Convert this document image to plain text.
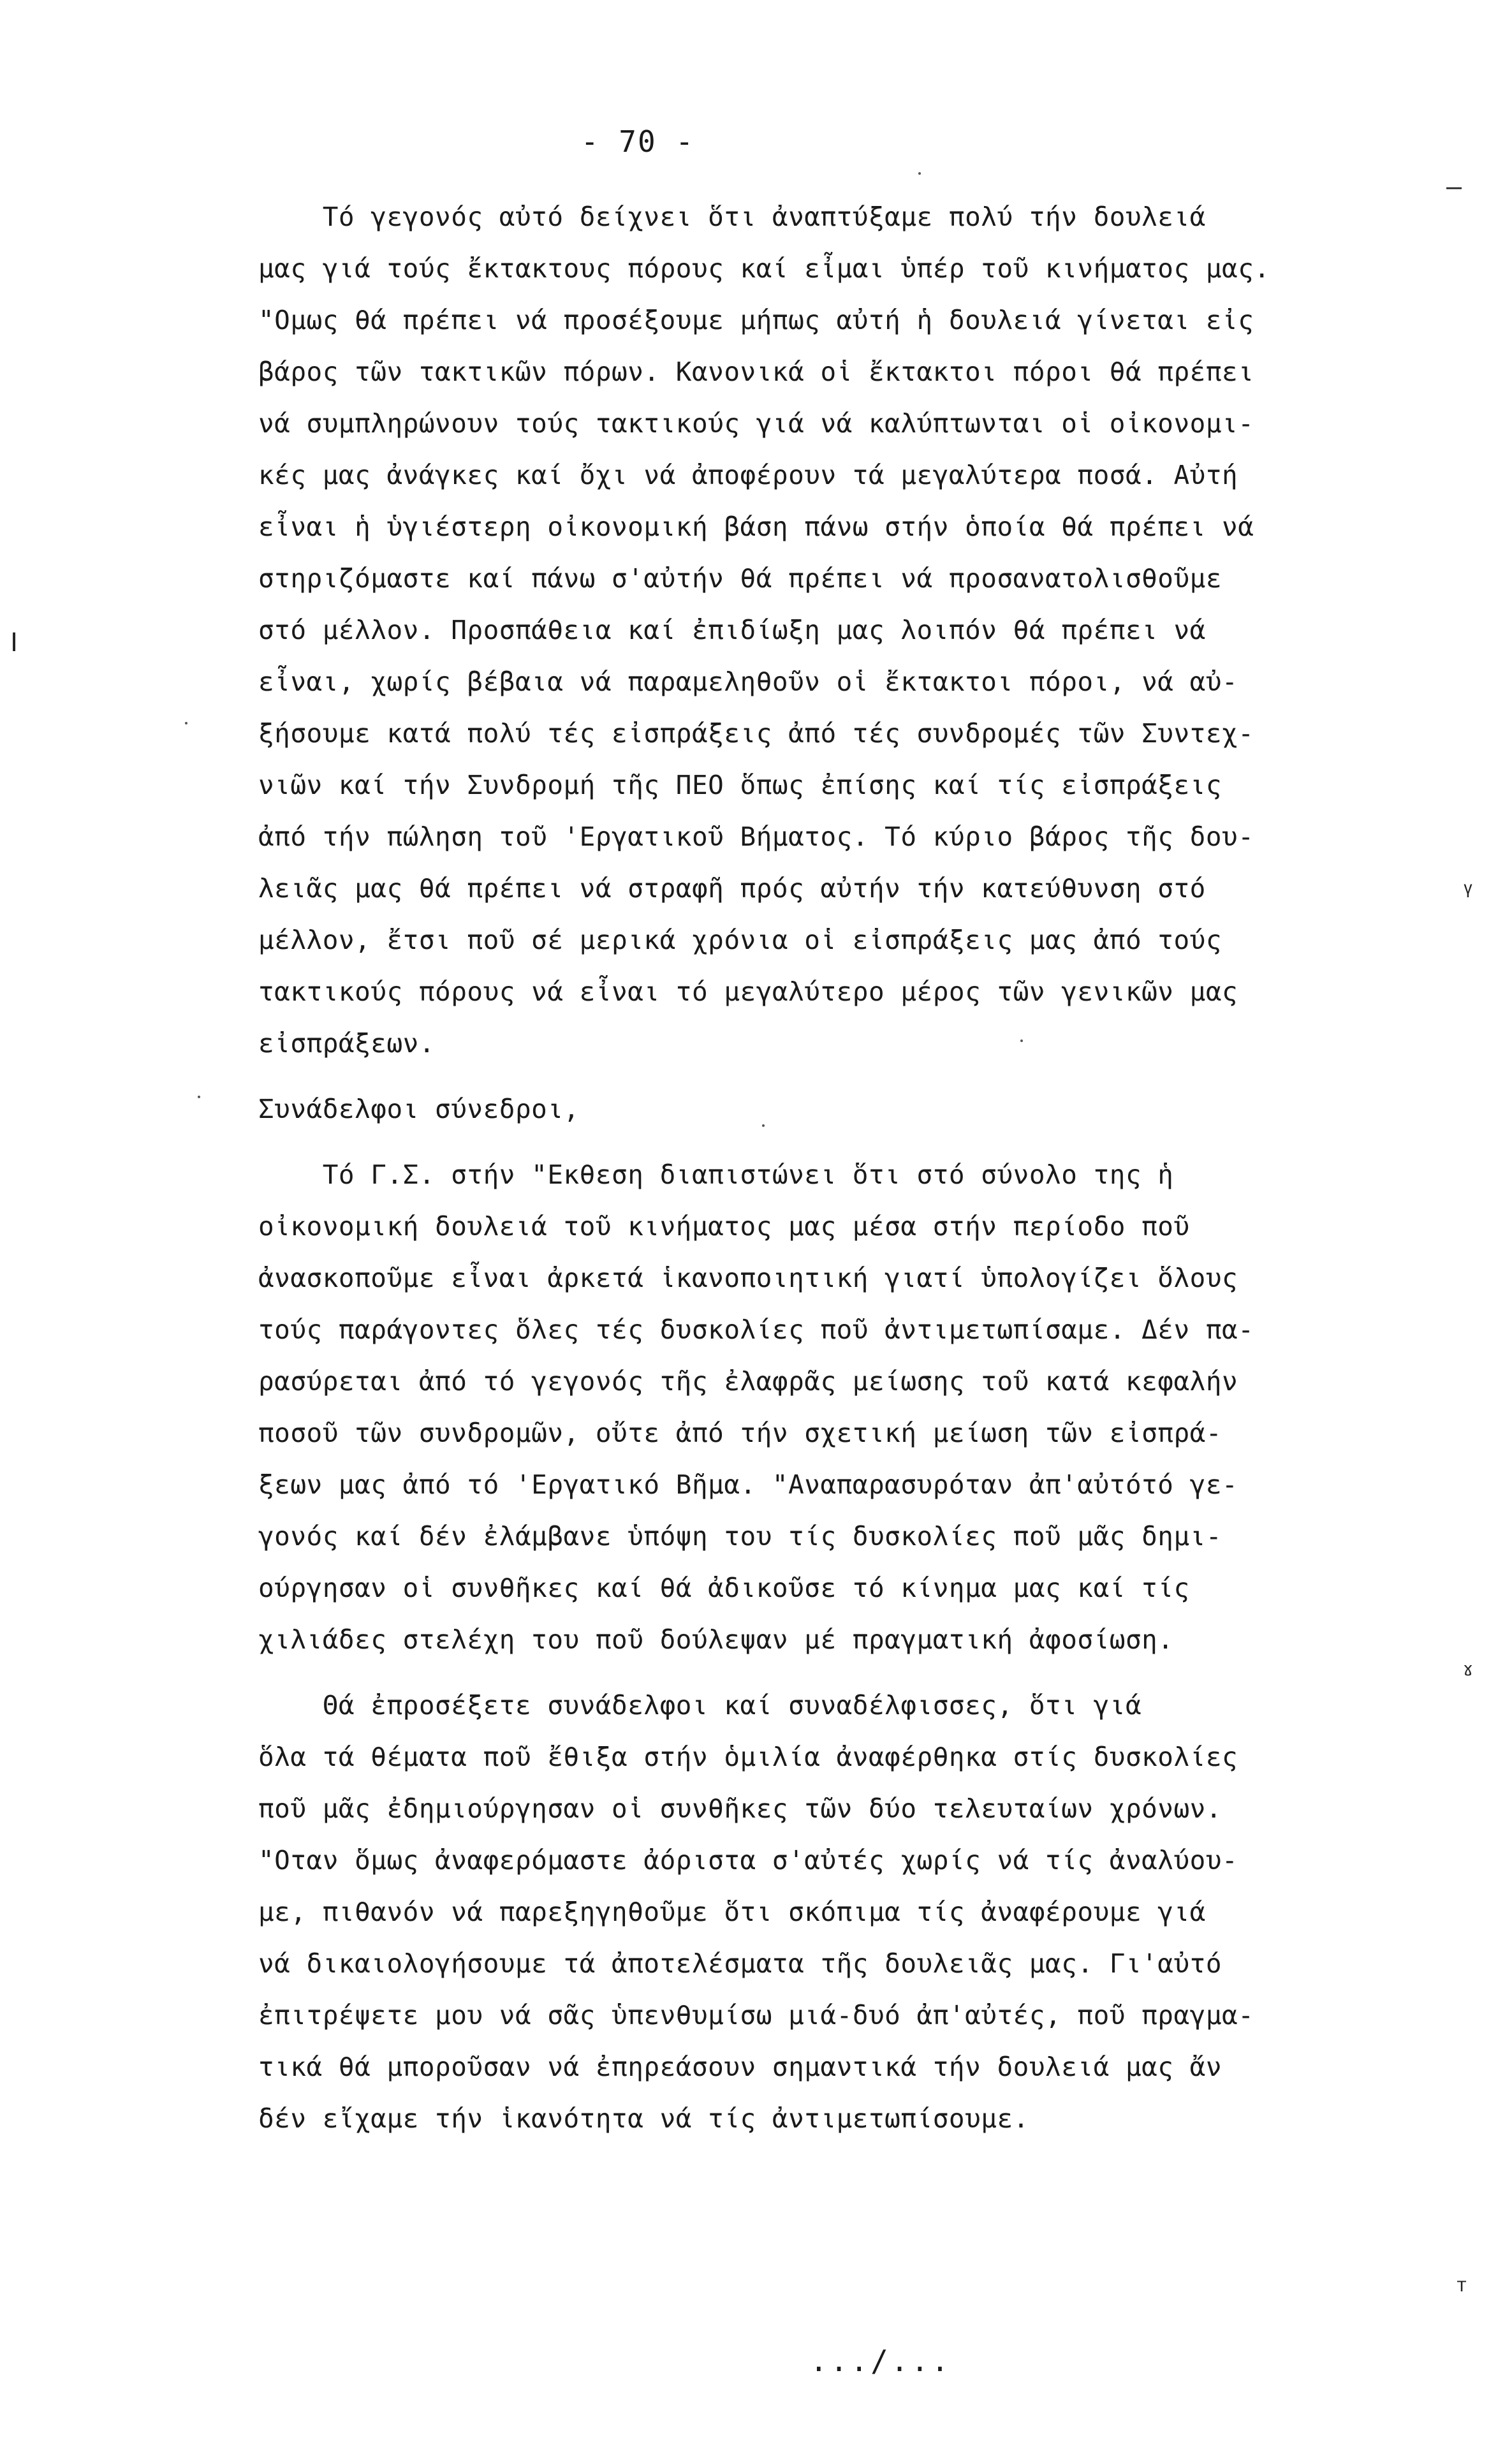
- 70 -
Τό γεγονός αὐτό δείχνει ὅτι ἀναπτύξαμε πολύ τήν δουλειά
μας γιά τούς ἔκτακτους πόρους καί εἶμαι ὑπέρ τοῦ κινήματος μας.
"Ομως θά πρέπει νά προσέξουμε μήπως αὐτή ἡ δουλειά γίνεται εἰς
βάρος τῶν τακτικῶν πόρων. Κανονικά οἱ ἔκτακτοι πόροι θά πρέπει
νά συμπληρώνουν τούς τακτικούς γιά νά καλύπτωνται οἱ οἰκονομι-
κές μας ἀνάγκες καί ὄχι νά ἀποφέρουν τά μεγαλύτερα ποσά. Αὐτή
εἶναι ἡ ὑγιέστερη οἰκονομική βάση πάνω στήν ὁποία θά πρέπει νά
στηριζόμαστε καί πάνω σ'αὐτήν θά πρέπει νά προσανατολισθοῦμε
στό μέλλον. Προσπάθεια καί ἐπιδίωξη μας λοιπόν θά πρέπει νά
εἶναι, χωρίς βέβαια νά παραμεληθοῦν οἱ ἔκτακτοι πόροι, νά αὐ-
ξήσουμε κατά πολύ τές εἰσπράξεις ἀπό τές συνδρομές τῶν Συντεχ-
νιῶν καί τήν Συνδρομή τῆς ΠΕΟ ὅπως ἐπίσης καί τίς εἰσπράξεις
ἀπό τήν πώληση τοῦ 'Εργατικοῦ Βήματος. Τό κύριο βάρος τῆς δου-
λειᾶς μας θά πρέπει νά στραφῆ πρός αὐτήν τήν κατεύθυνση στό
μέλλον, ἔτσι ποῦ σέ μερικά χρόνια οἱ εἰσπράξεις μας ἀπό τούς
τακτικούς πόρους νά εἶναι τό μεγαλύτερο μέρος τῶν γενικῶν μας
εἰσπράξεων.
Συνάδελφοι σύνεδροι,
Τό Γ.Σ. στήν "Εκθεση διαπιστώνει ὅτι στό σύνολο της ἡ
οἰκονομική δουλειά τοῦ κινήματος μας μέσα στήν περίοδο ποῦ
ἀνασκοποῦμε εἶναι ἀρκετά ἱκανοποιητική γιατί ὑπολογίζει ὅλους
τούς παράγοντες ὅλες τές δυσκολίες ποῦ ἀντιμετωπίσαμε. Δέν πα-
ρασύρεται ἀπό τό γεγονός τῆς ἐλαφρᾶς μείωσης τοῦ κατά κεφαλήν
ποσοῦ τῶν συνδρομῶν, οὔτε ἀπό τήν σχετική μείωση τῶν εἰσπρά-
ξεων μας ἀπό τό 'Εργατικό Βῆμα. "Αναπαρασυρόταν ἀπ'αὐτότό γε-
γονός καί δέν ἐλάμβανε ὑπόψη του τίς δυσκολίες ποῦ μᾶς δημι-
ούργησαν οἱ συνθῆκες καί θά ἀδικοῦσε τό κίνημα μας καί τίς
χιλιάδες στελέχη του ποῦ δούλεψαν μέ πραγματική ἀφοσίωση.
Θά ἐπροσέξετε συνάδελφοι καί συναδέλφισσες, ὅτι γιά
ὅλα τά θέματα ποῦ ἔθιξα στήν ὁμιλία ἀναφέρθηκα στίς δυσκολίες
ποῦ μᾶς ἐδημιούργησαν οἱ συνθῆκες τῶν δύο τελευταίων χρόνων.
"Οταν ὅμως ἀναφερόμαστε ἀόριστα σ'αὐτές χωρίς νά τίς ἀναλύου-
με, πιθανόν νά παρεξηγηθοῦμε ὅτι σκόπιμα τίς ἀναφέρουμε γιά
νά δικαιολογήσουμε τά ἀποτελέσματα τῆς δουλειᾶς μας. Γι'αὐτό
ἐπιτρέψετε μου νά σᾶς ὑπενθυμίσω μιά-δυό ἀπ'αὐτές, ποῦ πραγμα-
τικά θά μποροῦσαν νά ἐπηρεάσουν σημαντικά τήν δουλειά μας ἄν
δέν εἴχαμε τήν ἱκανότητα νά τίς ἀντιμετωπίσουμε.
.../...
–
ᵞ
ˠ
ᵀ
ǀ
